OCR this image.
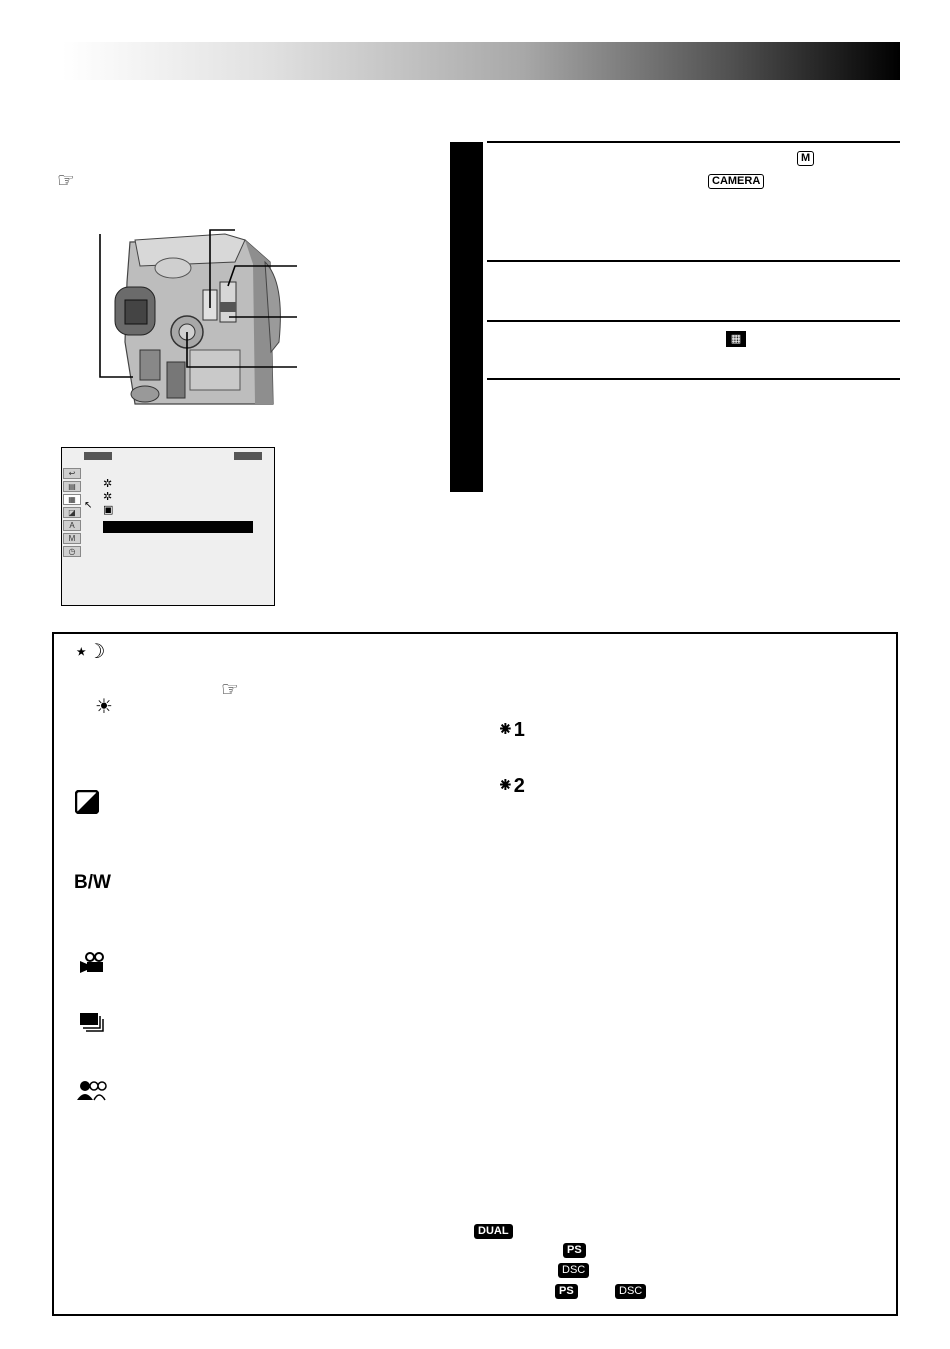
☞
↩
▤
▦
◪
A
M
◷
↖
✲
✲
▣
M
CAMERA
▦
⋆☽
☞
☀
⁕1
⁕2
B/W
DUAL
PS
DSC
PS	DSC
